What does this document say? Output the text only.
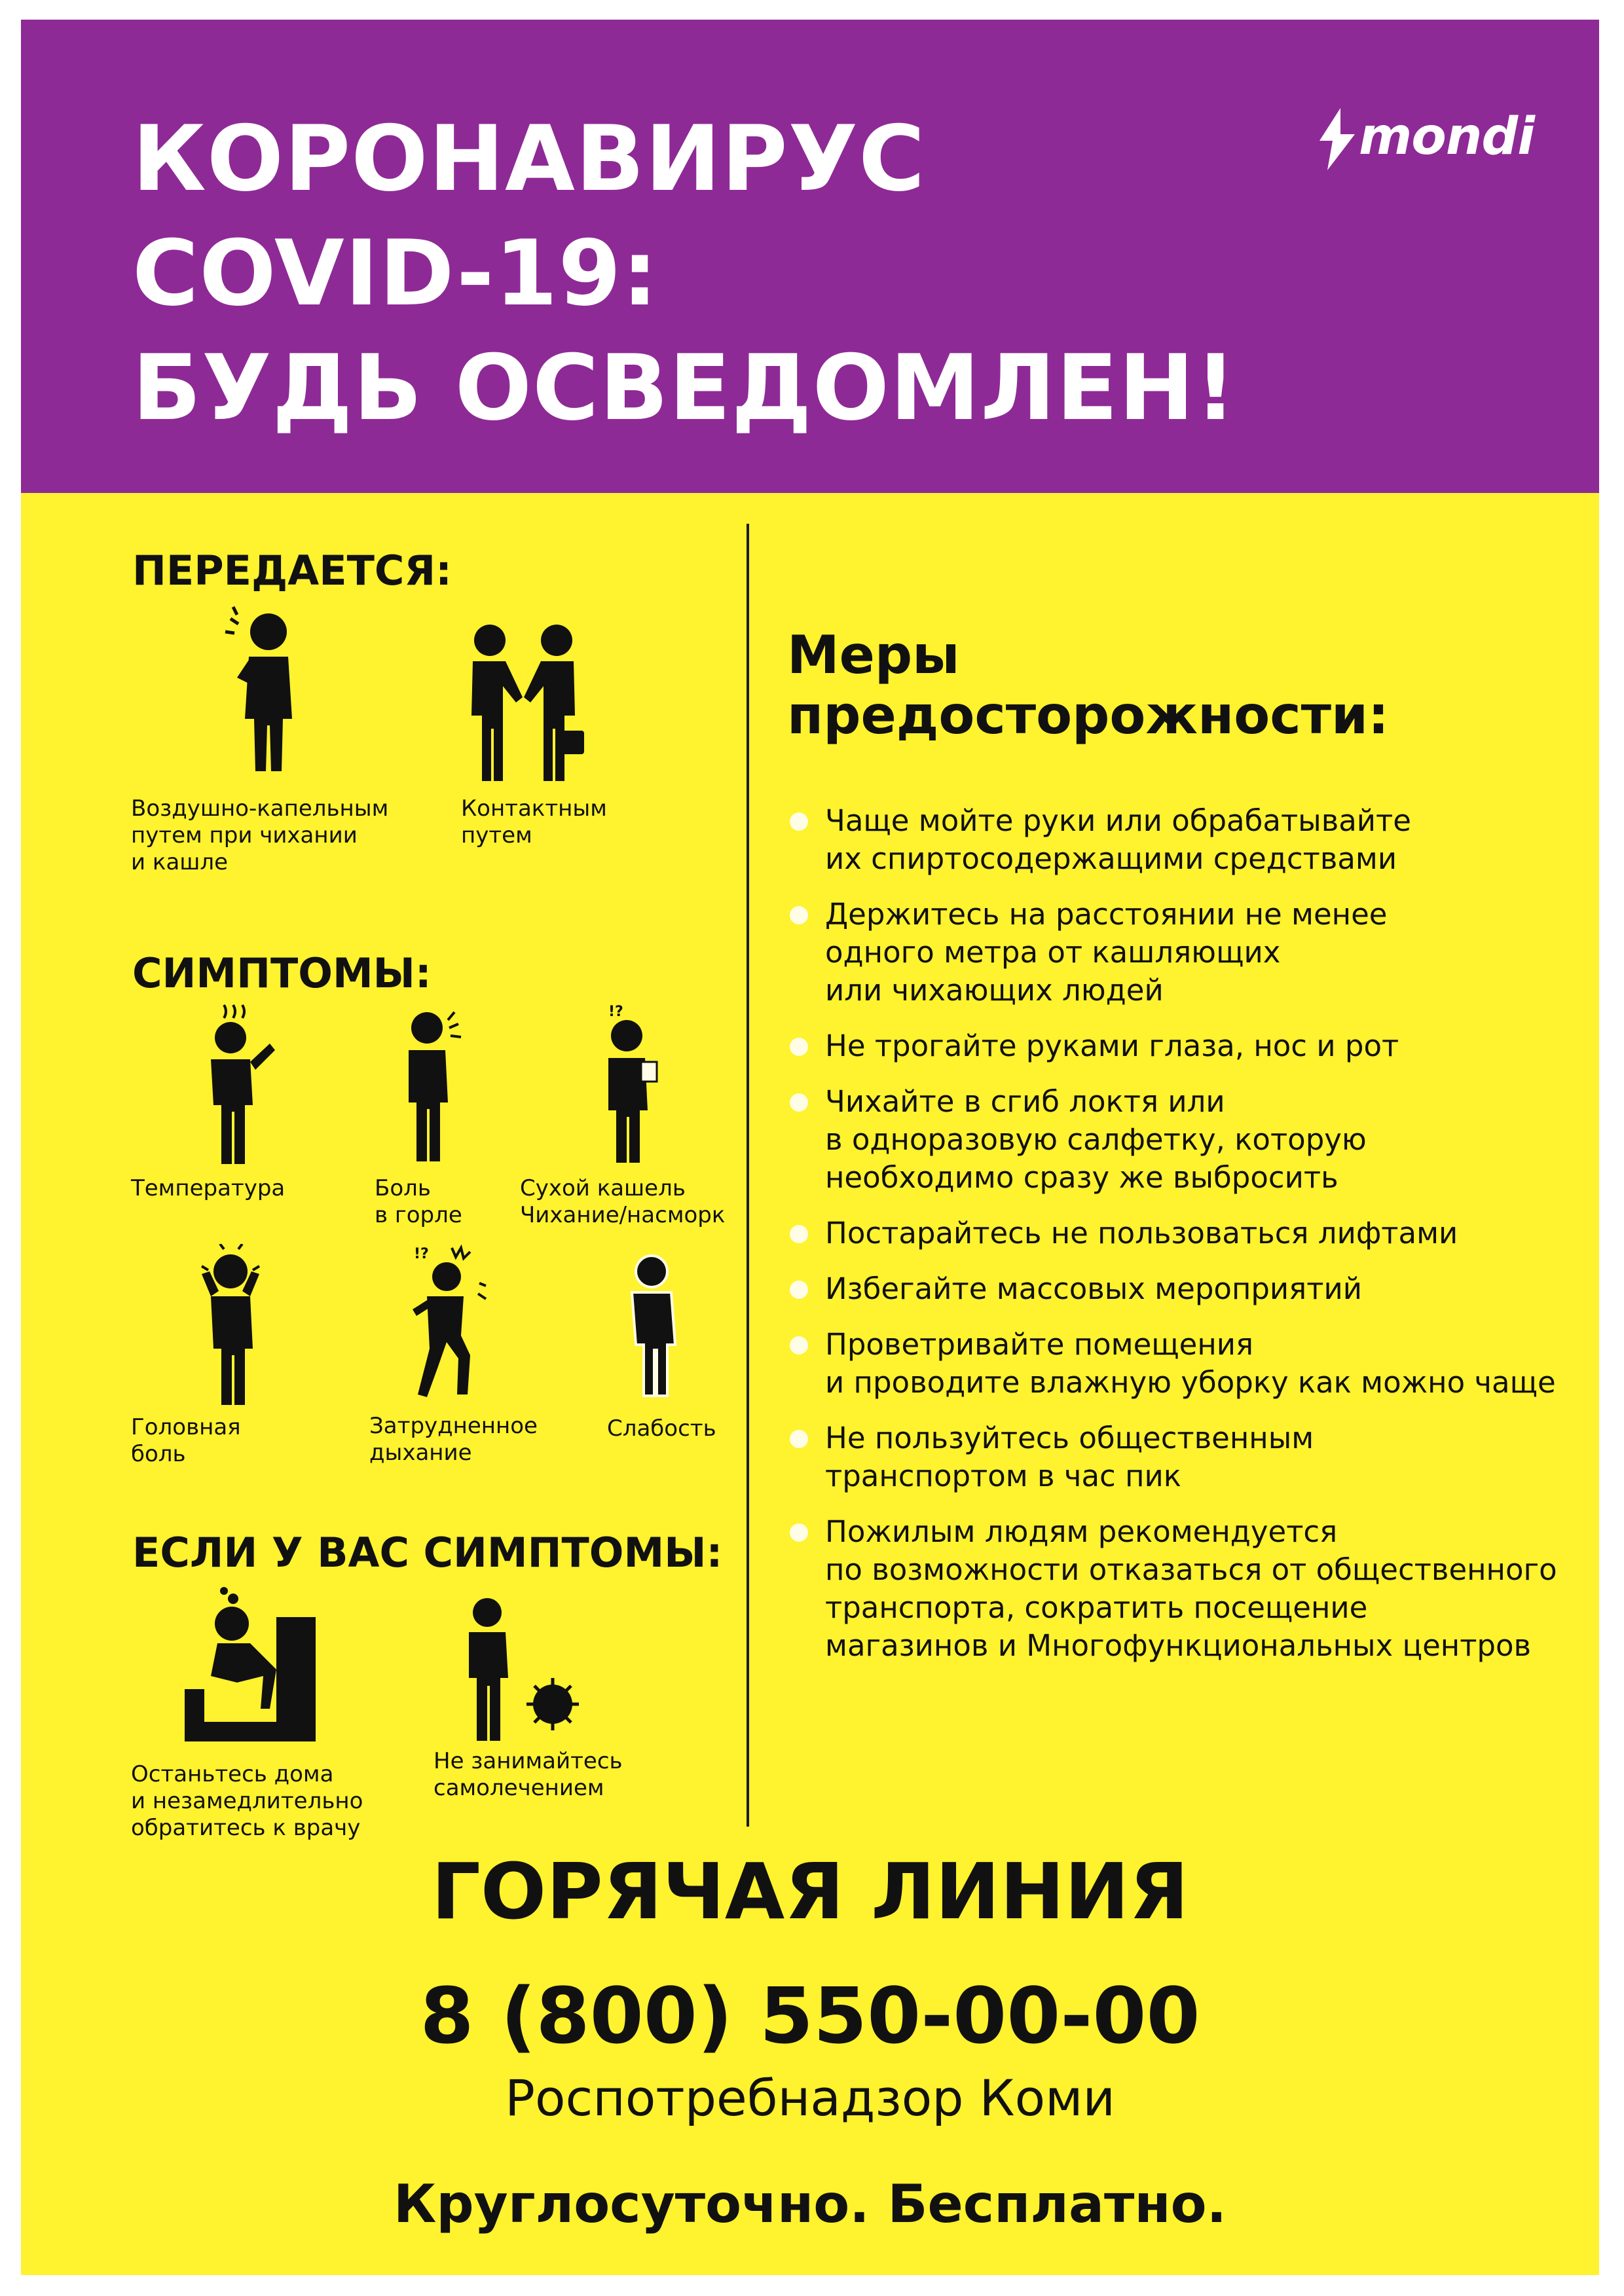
КОРОНАВИРУС
COVID-19:
БУДЬ ОСВЕДОМЛЕН!
mondi
ПЕРЕДАЕТСЯ:

Воздушно-капельным
путем при чихании
и кашле

Контактным
путем

СИМПТОМЫ:

Температура	Боль
в горле

!?

Сухой кашель
Чихание/насморк

Головная
боль

!?

Затрудненное
дыхание

Слабость

ЕСЛИ У ВАС СИМПТОМЫ:

Останьтесь дома
и незамедлительно
обратитесь к врачу

Не занимайтесь
самолечением

Меры
предосторожности:
Чаще мойте руки или обрабатывайте
их спиртосодержащими средствами
Держитесь на расстоянии не менее
одного метра от кашляющих
или чихающих людей
Не трогайте руками глаза, нос и рот
Чихайте в сгиб локтя или
в одноразовую салфетку, которую
необходимо сразу же выбросить
Постарайтесь не пользоваться лифтами
Избегайте массовых мероприятий
Проветривайте помещения
и проводите влажную уборку как можно чаще
Не пользуйтесь общественным
транспортом в час пик
Пожилым людям рекомендуется
по возможности отказаться от общественного
транспорта, сократить посещение
магазинов и Многофункциональных центров
ГОРЯЧАЯ ЛИНИЯ

8 (800) 550-00-00

Роспотребнадзор Коми

Круглосуточно. Бесплатно.
